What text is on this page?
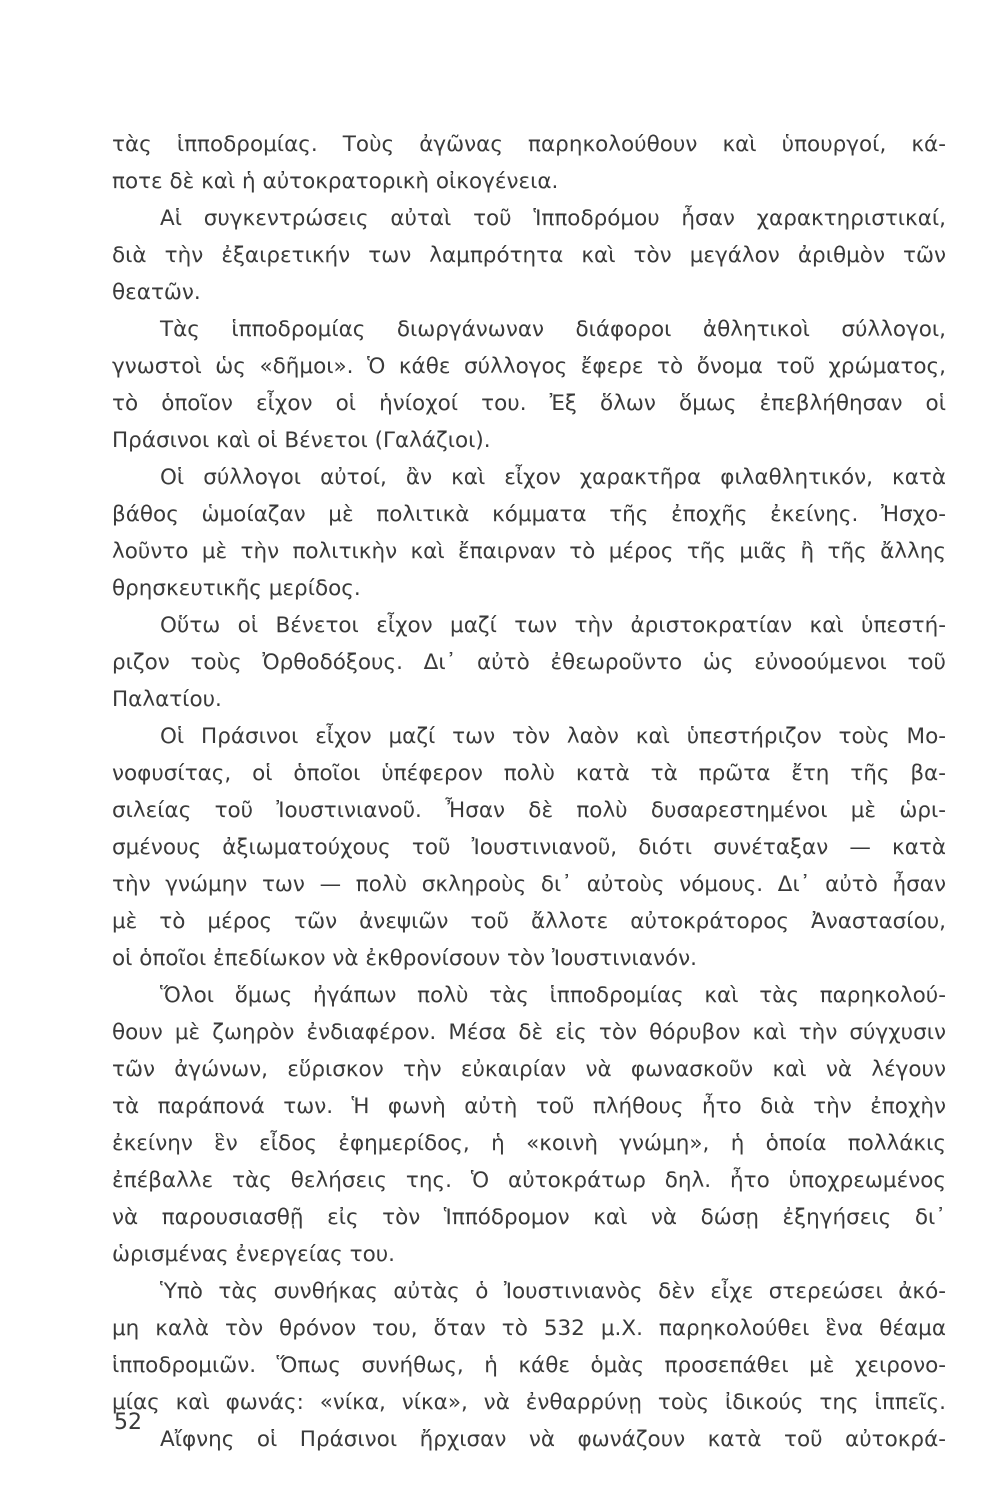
τὰς ἱπποδρομίας. Τοὺς ἀγῶνας παρηκολούθουν καὶ ὑπουργοί, κά-
ποτε δὲ καὶ ἡ αὐτοκρατορικὴ οἰκογένεια.
Αἱ συγκεντρώσεις αὐταὶ τοῦ Ἱπποδρόμου ἦσαν χαρακτηριστικαί,
διὰ τὴν ἐξαιρετικήν των λαμπρότητα καὶ τὸν μεγάλον ἀριθμὸν τῶν
θεατῶν.
Τὰς ἱπποδρομίας διωργάνωναν διάφοροι ἀθλητικοὶ σύλλογοι,
γνωστοὶ ὡς «δῆμοι». Ὁ κάθε σύλλογος ἔφερε τὸ ὄνομα τοῦ χρώματος,
τὸ ὁποῖον εἶχον οἱ ἡνίοχοί του. Ἐξ ὅλων ὅμως ἐπεβλήθησαν οἱ
Πράσινοι καὶ οἱ Βένετοι (Γαλάζιοι).
Οἱ σύλλογοι αὐτοί, ἂν καὶ εἶχον χαρακτῆρα φιλαθλητικόν, κατὰ
βάθος ὡμοίαζαν μὲ πολιτικὰ κόμματα τῆς ἐποχῆς ἐκείνης. Ἠσχο-
λοῦντο μὲ τὴν πολιτικὴν καὶ ἔπαιρναν τὸ μέρος τῆς μιᾶς ἢ τῆς ἄλλης
θρησκευτικῆς μερίδος.
Οὕτω οἱ Βένετοι εἶχον μαζί των τὴν ἀριστοκρατίαν καὶ ὑπεστή-
ριζον τοὺς Ὀρθοδόξους. Δι᾿ αὐτὸ ἐθεωροῦντο ὡς εὐνοούμενοι τοῦ
Παλατίου.
Οἱ Πράσινοι εἶχον μαζί των τὸν λαὸν καὶ ὑπεστήριζον τοὺς Μο-
νοφυσίτας, οἱ ὁποῖοι ὑπέφερον πολὺ κατὰ τὰ πρῶτα ἔτη τῆς βα-
σιλείας τοῦ Ἰουστινιανοῦ. Ἦσαν δὲ πολὺ δυσαρεστημένοι μὲ ὡρι-
σμένους ἀξιωματούχους τοῦ Ἰουστινιανοῦ, διότι συνέταξαν — κατὰ
τὴν γνώμην των — πολὺ σκληροὺς δι᾿ αὐτοὺς νόμους. Δι᾿ αὐτὸ ἦσαν
μὲ τὸ μέρος τῶν ἀνεψιῶν τοῦ ἄλλοτε αὐτοκράτορος Ἀναστασίου,
οἱ ὁποῖοι ἐπεδίωκον νὰ ἐκθρονίσουν τὸν Ἰουστινιανόν.
Ὅλοι ὅμως ἠγάπων πολὺ τὰς ἱπποδρομίας καὶ τὰς παρηκολού-
θουν μὲ ζωηρὸν ἐνδιαφέρον. Μέσα δὲ εἰς τὸν θόρυβον καὶ τὴν σύγχυσιν
τῶν ἀγώνων, εὕρισκον τὴν εὐκαιρίαν νὰ φωνασκοῦν καὶ νὰ λέγουν
τὰ παράπονά των. Ἡ φωνὴ αὐτὴ τοῦ πλήθους ἦτο διὰ τὴν ἐποχὴν
ἐκείνην ἓν εἶδος ἐφημερίδος, ἡ «κοινὴ γνώμη», ἡ ὁποία πολλάκις
ἐπέβαλλε τὰς θελήσεις της. Ὁ αὐτοκράτωρ δηλ. ἦτο ὑποχρεωμένος
νὰ παρουσιασθῇ εἰς τὸν Ἱππόδρομον καὶ νὰ δώσῃ ἐξηγήσεις δι᾿
ὡρισμένας ἐνεργείας του.
Ὑπὸ τὰς συνθήκας αὐτὰς ὁ Ἰουστινιανὸς δὲν εἶχε στερεώσει ἀκό-
μη καλὰ τὸν θρόνον του, ὅταν τὸ 532 μ.Χ. παρηκολούθει ἓνα θέαμα
ἱπποδρομιῶν. Ὅπως συνήθως, ἡ κάθε ὁμὰς προσεπάθει μὲ χειρονο-
μίας καὶ φωνάς: «νίκα, νίκα», νὰ ἐνθαρρύνῃ τοὺς ἰδικούς της ἱππεῖς.
Αἴφνης οἱ Πράσινοι ἤρχισαν νὰ φωνάζουν κατὰ τοῦ αὐτοκρά-
52
